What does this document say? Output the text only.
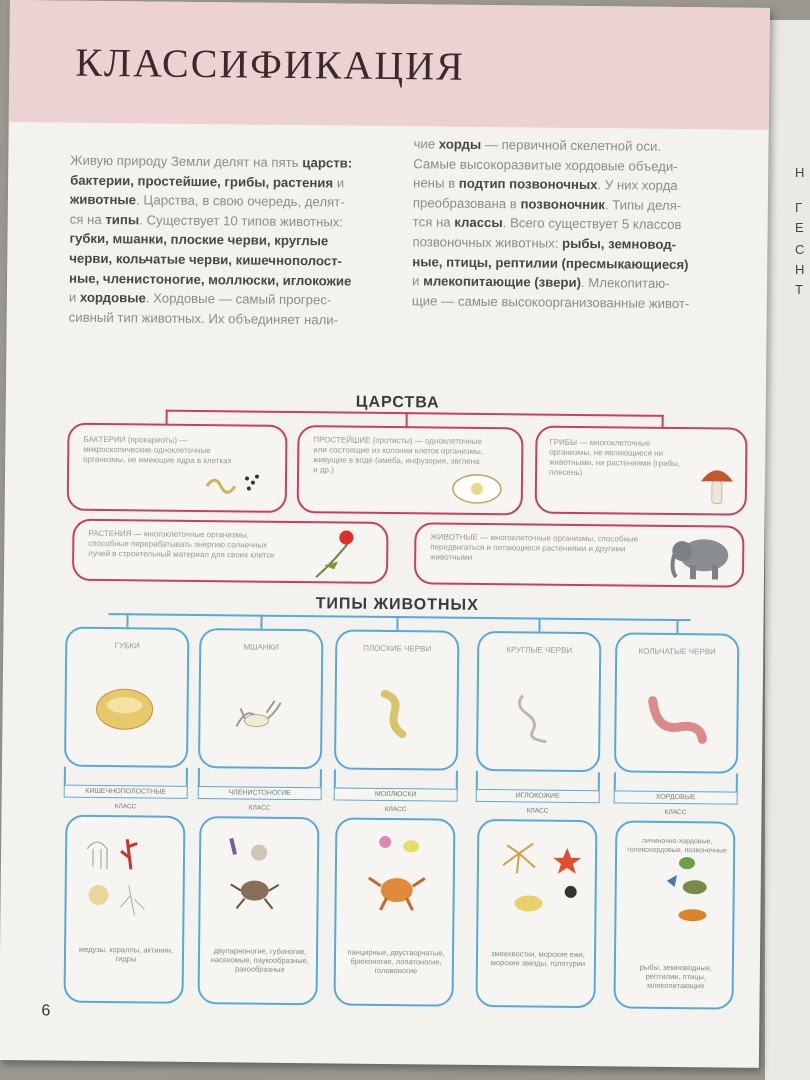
Н
Г
Е
С
Н
Т
КЛАССИФИКАЦИЯ
Живую природу Земли делят на пять царств:
бактерии, простейшие, грибы, растения и
животные. Царства, в свою очередь, делят-
ся на типы. Существует 10 типов животных:
губки, мшанки, плоские черви, круглые
черви, кольчатые черви, кишечнополост-
ные, членистоногие, моллюски, иглокожие
и хордовые. Хордовые — самый прогрес-
сивный тип животных. Их объединяет нали-
чие хорды — первичной скелетной оси.
Самые высокоразвитые хордовые объеди-
нены в подтип позвоночных. У них хорда
преобразована в позвоночник. Типы деля-
тся на классы. Всего существует 5 классов
позвоночных животных: рыбы, земновод-
ные, птицы, рептилии (пресмыкающиеся)
и млекопитающие (звери). Млекопитаю-
щие — самые высокоорганизованные живот-
ЦАРСТВА
БАКТЕРИИ (прокариоты) — микроскопические одноклеточные организмы, не имеющие ядра в клетках
ПРОСТЕЙШИЕ (протисты) — одноклеточные или состоящие из колонии клеток организмы, живущие в воде (амеба, инфузория, эвглена и др.)
ГРИБЫ — многоклеточные организмы, не являющиеся ни животными, ни растениями (грибы, плесень)
РАСТЕНИЯ — многоклеточные организмы, способные перерабатывать энергию солнечных лучей в строительный материал для своих клеток
ЖИВОТНЫЕ — многоклеточные организмы, способные передвигаться и питающиеся растениями и другими животными
ТИПЫ ЖИВОТНЫХ
6
ГУБКИ
КИШЕЧНОПОЛОСТНЫЕ
КЛАСС
медузы, кораллы, актинии, гидры
МШАНКИ
ЧЛЕНИСТОНОГИЕ
КЛАСС
двупарноногие, губоногие, насекомые, паукообразные, ракообразные
ПЛОСКИЕ ЧЕРВИ
МОЛЛЮСКИ
КЛАСС
панцирные, двустворчатые, брюхоногие, лопатоногие, головоногие
КРУГЛЫЕ ЧЕРВИ
ИГЛОКОЖИЕ
КЛАСС
змеехвостки, морские ежи, морские звезды, голотурии
КОЛЬЧАТЫЕ ЧЕРВИ
ХОРДОВЫЕ
КЛАСС
рыбы, земноводные, рептилии, птицы, млекопитающие
личиночно-хордовые, головохордовые, позвоночные
